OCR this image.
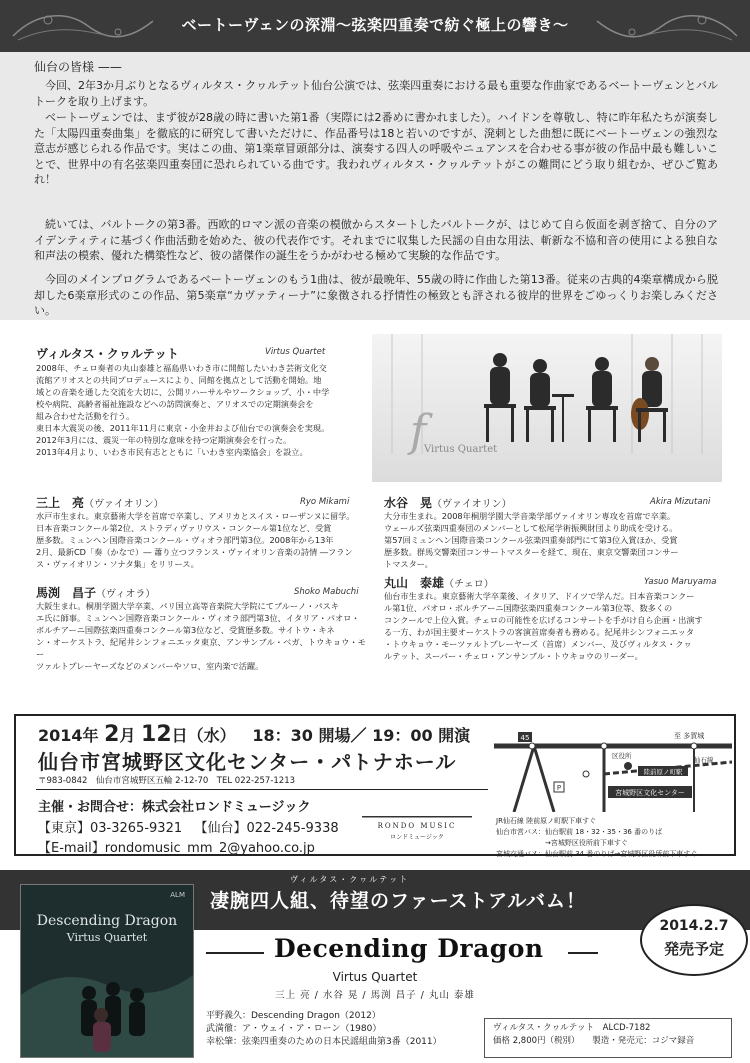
ベートーヴェンの深淵～弦楽四重奏で紡ぐ極上の響き～
仙台の皆様 ——
今回、2年3か月ぶりとなるヴィルタス・クヮルテット仙台公演では、弦楽四重奏における最も重要な作曲家であるベートーヴェンとバルトークを取り上げます。
ベートーヴェンでは、まず彼が28歳の時に書いた第1番（実際には2番めに書かれました）。ハイドンを尊敬し、特に昨年私たちが演奏した「太陽四重奏曲集」を徹底的に研究して書いただけに、作品番号は18と若いのですが、溌剌とした曲想に既にベートーヴェンの強烈な意志が感じられる作品です。実はこの曲、第1楽章冒頭部分は、演奏する四人の呼吸やニュアンスを合わせる事が彼の作品中最も難しいことで、世界中の有名弦楽四重奏団に恐れられている曲です。我われヴィルタス・クヮルテットがこの難問にどう取り組むか、ぜひご覧あれ！
続いては、バルトークの第3番。西欧的ロマン派の音楽の模倣からスタートしたバルトークが、はじめて自ら仮面を剥ぎ捨て、自分のアイデンティティに基づく作曲活動を始めた、彼の代表作です。それまでに収集した民謡の自由な用法、斬新な不協和音の使用による独自な和声法の模索、優れた構築性など、彼の諸傑作の誕生をうかがわせる極めて実験的な作品です。
今回のメインプログラムであるベートーヴェンのもう1曲は、彼が最晩年、55歳の時に作曲した第13番。従来の古典的4楽章構成から脱却した6楽章形式のこの作品、第5楽章“カヴァティーナ”に象徴される抒情性の極致とも評される彼岸的世界をごゆっくりお楽しみください。
ヴィルタス・クヮルテット	Virtus Quartet
2008年、チェロ奏者の丸山泰雄と福島県いわき市に開館したいわき芸術文化交
流館アリオスとの共同プロデュースにより、同館を拠点として活動を開始。地
域との音楽を通した交流を大切に、公開リハーサルやワークショップ、小・中学
校や病院、高齢者福祉施設などへの訪問演奏と、アリオスでの定期演奏会を
組み合わせた活動を行う。
東日本大震災の後、2011年11月に東京・小金井および仙台での演奏会を実現。
2012年3月には、震災一年の特別な意味を持つ定期演奏会を行った。
2013年4月より、いわき市民有志とともに「いわき室内楽協会」を設立。	f
Virtus Quartet
三上　亮（ヴァイオリン）	Ryo Mikami
水戸市生まれ。東京藝術大学を首席で卒業し、アメリカとスイス・ローザンヌに留学。
日本音楽コンクール第2位、ストラディヴァリウス・コンクール第1位など、受賞
歴多数。ミュンヘン国際音楽コンクール・ヴィオラ部門第3位。2008年から13年
2月、最新CD「奏（かなで）― 蕭り立つフランス・ヴァイオリン音楽の詩情 ―フラン
ス・ヴァイオリン・ソナタ集」をリリース。
水谷　晃（ヴァイオリン）	Akira Mizutani
大分市生まれ。2008年桐朋学園大学音楽学部ヴァイオリン専攻を首席で卒業。
ウェールズ弦楽四重奏団のメンバーとして松尾学術振興財団より助成を受ける。
第57回ミュンヘン国際音楽コンクール弦楽四重奏部門にて第3位入賞ほか、受賞
歴多数。群馬交響楽団コンサートマスターを経て、現在、東京交響楽団コンサー
トマスター。
馬渕　昌子（ヴィオラ）	Shoko Mabuchi
大阪生まれ。桐朋学園大学卒業、パリ国立高等音楽院大学院にてブルーノ・パスキ
エ氏に師事。ミュンヘン国際音楽コンクール・ヴィオラ部門第3位、イタリア・パオロ・
ボルチアーニ国際弦楽四重奏コンクール第3位など、受賞歴多数。サイトウ・キネ
ン・オーケストラ、紀尾井シンフォニエッタ東京、アンサンブル・ベガ、トウキョウ・モー
ツァルトプレーヤーズなどのメンバーやソロ、室内楽で活躍。
丸山　泰雄（チェロ）	Yasuo Maruyama
仙台市生まれ。東京藝術大学卒業後、イタリア、ドイツで学んだ。日本音楽コンクー
ル第1位、パオロ・ボルチアーニ国際弦楽四重奏コンクール第3位等、数多くの
コンクールで上位入賞。チェロの可能性を広げるコンサートを手がけ自ら企画・出演す
る一方、わが国主要オーケストラの客演首席奏者も務める。紀尾井シンフォニエッタ
・トウキョウ・モーツァルトプレーヤーズ（首席）メンバー、及びヴィルタス・クヮ
ルテット、スーパー・チェロ・アンサンブル・トウキョウのリーダー。
2014年 2月 12日（水） 18：30 開場／ 19：00 開演
仙台市宮城野区文化センター・パトナホール
〒983-0842　仙台市宮城野区五輪 2-12-70　TEL 022-257-1213
主催・お問合せ：株式会社ロンドミュージック
【東京】03-3265-9321 【仙台】022-245-9338
【E-mail】rondomusic_mm_2@yahoo.co.jp
RONDO MUSIC
ロンドミュージック
45	至 多賀城
区役所
陸前原ノ町駅
仙石線
宮城野区文化センター
P
JR仙石線 陸前原ノ町駅下車すぐ
仙台市営バス：仙台駅前 18・32・35・36 番のりば
　　　　　　　→宮城野区役所前下車すぐ
宮城交通バス：仙台駅前 34 番のりば→宮城野区役所前下車すぐ
ヴィルタス・クヮルテット
凄腕四人組、待望のファーストアルバム！
ALM
Descending Dragon
Virtus Quartet	Decending Dragon
Virtus Quartet
三上 亮 / 水谷 晃 / 馬渕 昌子 / 丸山 泰雄
2014.2.7
発売予定
平野義久：Descending Dragon（2012）
武満徹：ア・ウェイ・ア・ローン（1980）
幸松肇：弦楽四重奏のための日本民謡組曲第3番（2011）
ヴィルタス・クヮルテット　ALCD-7182
価格 2,800円（税別）　　製造・発売元：コジマ録音
